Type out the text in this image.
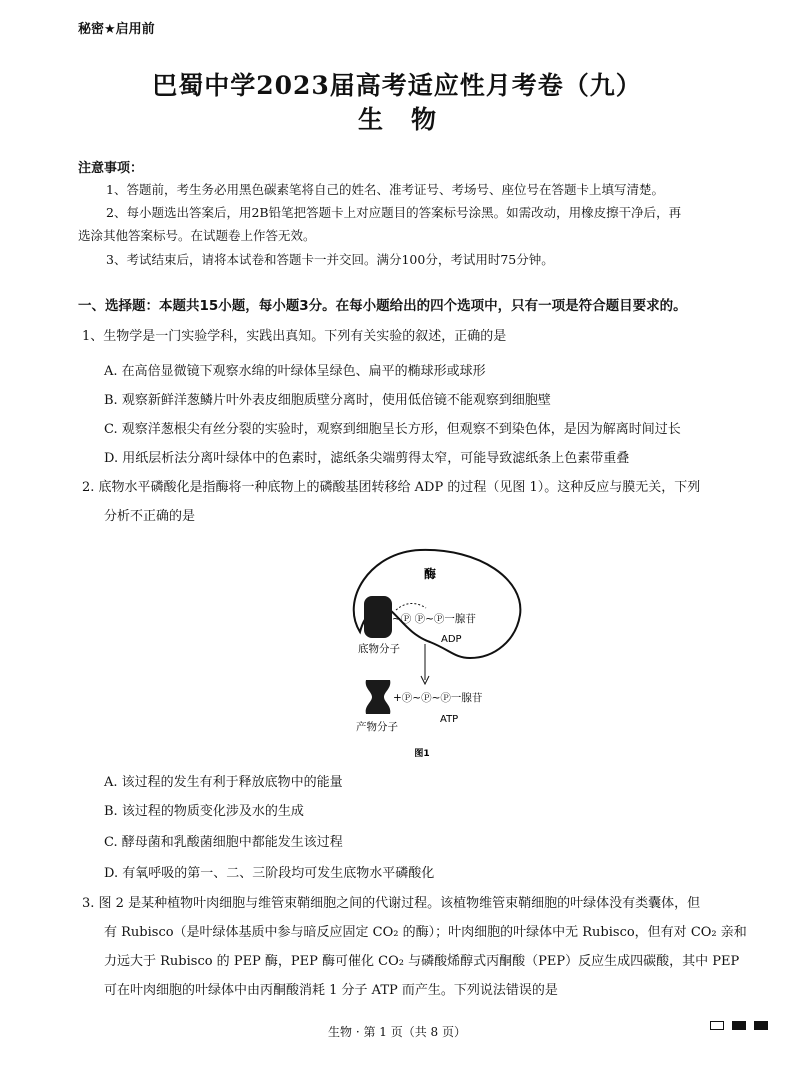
秘密★启用前
巴蜀中学2023届高考适应性月考卷（九）
生物
注意事项：
1、答题前，考生务必用黑色碳素笔将自己的姓名、准考证号、考场号、座位号在答题卡上填写清楚。
2、每小题选出答案后，用2B铅笔把答题卡上对应题目的答案标号涂黑。如需改动，用橡皮擦干净后，再
选涂其他答案标号。在试题卷上作答无效。
3、考试结束后，请将本试卷和答题卡一并交回。满分100分，考试用时75分钟。
一、选择题：本题共15小题，每小题3分。在每小题给出的四个选项中，只有一项是符合题目要求的。
1、生物学是一门实验学科，实践出真知。下列有关实验的叙述，正确的是
A. 在高倍显微镜下观察水绵的叶绿体呈绿色、扁平的椭球形或球形
B. 观察新鲜洋葱鳞片叶外表皮细胞质壁分离时，使用低倍镜不能观察到细胞壁
C. 观察洋葱根尖有丝分裂的实验时，观察到细胞呈长方形，但观察不到染色体，是因为解离时间过长
D. 用纸层析法分离叶绿体中的色素时，滤纸条尖端剪得太窄，可能导致滤纸条上色素带重叠
2. 底物水平磷酸化是指酶将一种底物上的磷酸基团转移给 ADP 的过程（见图 1）。这种反应与膜无关，下列
分析不正确的是
酶
~Ⓟ Ⓟ~Ⓟ一腺苷
ADP
底物分子
+Ⓟ~Ⓟ~Ⓟ一腺苷
ATP
产物分子
图1
A. 该过程的发生有利于释放底物中的能量
B. 该过程的物质变化涉及水的生成
C. 酵母菌和乳酸菌细胞中都能发生该过程
D. 有氧呼吸的第一、二、三阶段均可发生底物水平磷酸化
3. 图 2 是某种植物叶肉细胞与维管束鞘细胞之间的代谢过程。该植物维管束鞘细胞的叶绿体没有类囊体，但
有 Rubisco（是叶绿体基质中参与暗反应固定 CO₂ 的酶）；叶肉细胞的叶绿体中无 Rubisco，但有对 CO₂ 亲和
力远大于 Rubisco 的 PEP 酶，PEP 酶可催化 CO₂ 与磷酸烯醇式丙酮酸（PEP）反应生成四碳酸，其中 PEP
可在叶肉细胞的叶绿体中由丙酮酸消耗 1 分子 ATP 而产生。下列说法错误的是
生物 · 第 1 页（共 8 页）
